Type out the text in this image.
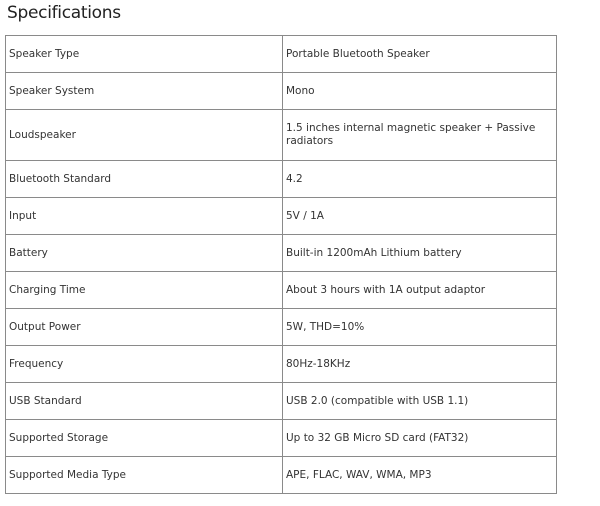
Specifications
Speaker Type	Portable Bluetooth Speaker
Speaker System	Mono
Loudspeaker	1.5 inches internal magnetic speaker + Passive radiators
Bluetooth Standard	4.2
Input	5V / 1A
Battery	Built-in 1200mAh Lithium battery
Charging Time	About 3 hours with 1A output adaptor
Output Power	5W, THD=10%
Frequency	80Hz-18KHz
USB Standard	USB 2.0 (compatible with USB 1.1)
Supported Storage	Up to 32 GB Micro SD card (FAT32)
Supported Media Type	APE, FLAC, WAV, WMA, MP3
